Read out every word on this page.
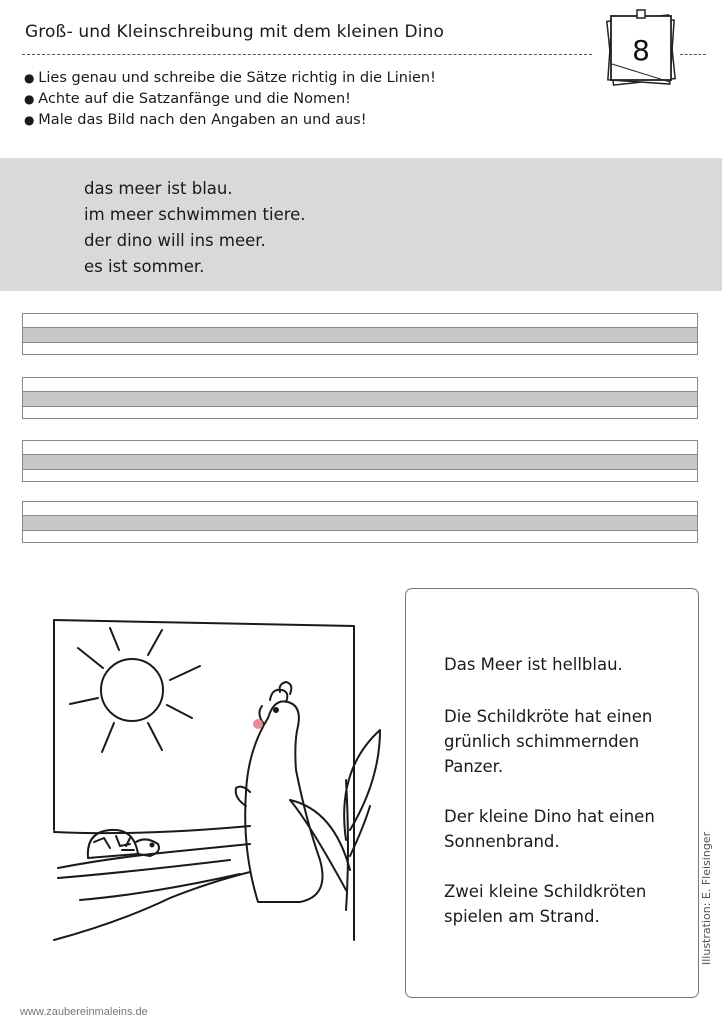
Groß- und Kleinschreibung mit dem kleinen Dino
8
● Lies genau und schreibe die Sätze richtig in die Linien!
● Achte auf die Satzanfänge und die Nomen!
● Male das Bild nach den Angaben an und aus!
das meer ist blau.
im meer schwimmen tiere.
der dino will ins meer.
es ist sommer.

Das Meer ist hellblau.

Die Schildkröte hat einen grünlich schimmernden Panzer.

Der kleine Dino hat einen Sonnenbrand.

Zwei kleine Schildkröten spielen am Strand.	Illustration: E. Fleisinger
www.zaubereinmaleins.de
